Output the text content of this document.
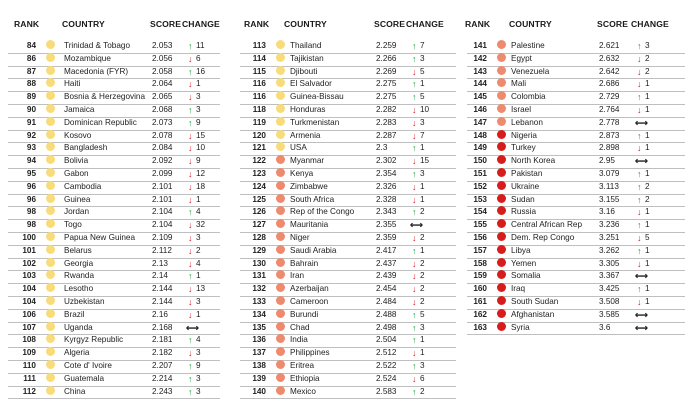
RANK	COUNTRY	SCORE CHANGE
84	Trinidad & Tobago	2.053 ↑ 11
86	Mozambique	2.056 ↓ 6
87	Macedonia (FYR)	2.058 ↑ 16
88	Haiti	2.064 ↓ 1
89	Bosnia & Herzegovina 2.065 ↓ 3
90	Jamaica	2.068 ↑ 3
91	Dominican Republic 2.073 ↑ 9
92	Kosovo	2.078 ↓ 15
93	Bangladesh	2.084 ↓ 10
94	Bolivia	2.092 ↓ 9
95	Gabon	2.099 ↓ 12
96	Cambodia	2.101 ↓ 18
96	Guinea	2.101 ↓ 1
98	Jordan	2.104 ↑ 4
98	Togo	2.104 ↓ 32
100	Papua New Guinea 2.109 ↓ 3
101	Belarus	2.112 ↓ 2
102	Georgia	2.13 ↓ 4
103	Rwanda	2.14 ↑ 1
104	Lesotho	2.144 ↓ 13
104	Uzbekistan	2.144 ↓ 3
106	Brazil	2.16 ↓ 1
107	Uganda	2.168 ⟷
108	Kyrgyz Republic	2.181 ↑ 4
109	Algeria	2.182 ↓ 3
110	Cote d' Ivoire	2.207 ↑ 9
111	Guatemala	2.214 ↑ 3
112	China	2.243 ↑ 3
RANK COUNTRY	SCORE CHANGE
113	Thailand	2.259 ↑ 7
114	Tajikistan	2.266 ↑ 3
115	Djibouti	2.269 ↓ 5
116	El Salvador	2.275 ↑ 1
116	Guinea-Bissau	2.275 ↑ 5
118	Honduras	2.282 ↓ 10
119	Turkmenistan	2.283 ↓ 3
120	Armenia	2.287 ↓ 7
121	USA	2.3	↑ 1
122	Myanmar	2.302 ↓ 15
123	Kenya	2.354 ↑ 3
124	Zimbabwe	2.326 ↓ 1
125	South Africa	2.328 ↓ 1
126	Rep of the Congo	2.343 ↑ 2
127	Mauritania	2.355 ⟷
128	Niger	2.359 ↓ 2
129	Saudi Arabia	2.417 ↑ 1
130	Bahrain	2.437 ↓ 2
131	Iran	2.439 ↓ 2
132	Azerbaijan	2.454 ↓ 2
133	Cameroon	2.484 ↓ 2
134	Burundi	2.488 ↑ 5
135	Chad	2.498 ↑ 3
136	India	2.504 ↑ 1
137	Philippines	2.512 ↓ 1
138	Eritrea	2.522 ↑ 3
139	Ethiopia	2.524 ↓ 6
140	Mexico	2.583 ↑ 2
RANK COUNTRY	SCORE CHANGE
141	Palestine	2.621 ↑ 3
142	Egypt	2.632 ↓ 2
143	Venezuela	2.642 ↓ 2
144	Mali	2.686 ↓ 1
145	Colombia	2.729 ↑ 1
146	Israel	2.764 ↓ 1
147	Lebanon	2.778 ⟷
148	Nigeria	2.873 ↑ 1
149	Turkey	2.898 ↓ 1
150	North Korea	2.95 ⟷
151	Pakistan	3.079 ↑ 1
152	Ukraine	3.113 ↑ 2
153	Sudan	3.155 ↑ 2
154	Russia	3.16 ↓ 1
155	Central African Rep 3.236 ↑ 1
156	Dem. Rep Congo	3.251 ↓ 5
157	Libya	3.262 ↑ 1
158	Yemen	3.305 ↓ 1
159	Somalia	3.367 ⟷
160	Iraq	3.425 ↑ 1
161	South Sudan	3.508 ↓ 1
162	Afghanistan	3.585 ⟷
163	Syria	3.6	⟷
